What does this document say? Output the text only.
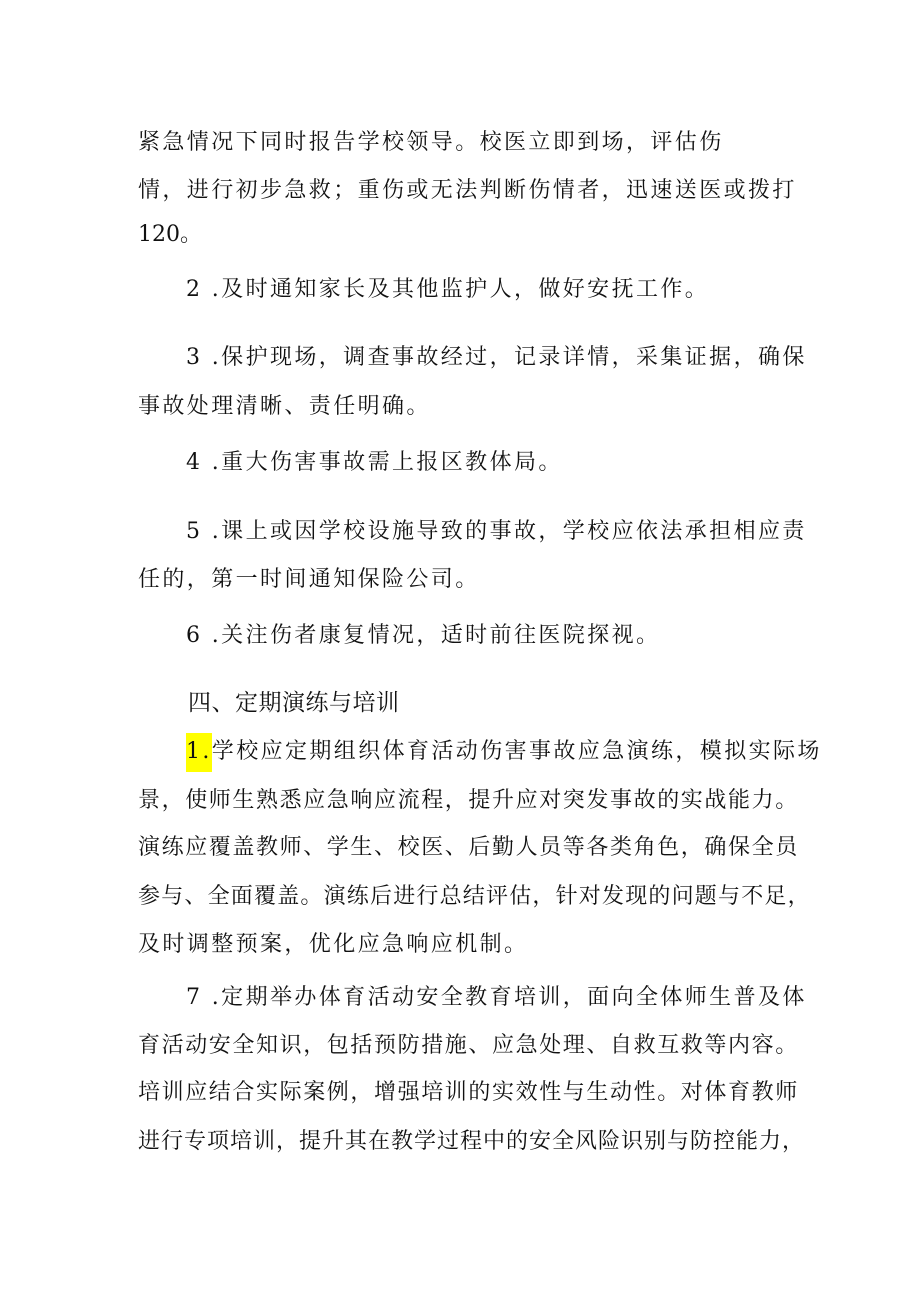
紧急情况下同时报告学校领导。校医立即到场，评估伤
情，进行初步急救；重伤或无法判断伤情者，迅速送医或拨打
120。
2 .及时通知家长及其他监护人，做好安抚工作。
3 .保护现场，调查事故经过，记录详情，采集证据，确保
事故处理清晰、责任明确。
4 .重大伤害事故需上报区教体局。
5 .课上或因学校设施导致的事故，学校应依法承担相应责
任的，第一时间通知保险公司。
6 .关注伤者康复情况，适时前往医院探视。
四、定期演练与培训
1.学校应定期组织体育活动伤害事故应急演练，模拟实际场
景，使师生熟悉应急响应流程，提升应对突发事故的实战能力。
演练应覆盖教师、学生、校医、后勤人员等各类角色，确保全员
参与、全面覆盖。演练后进行总结评估，针对发现的问题与不足，
及时调整预案，优化应急响应机制。
7 .定期举办体育活动安全教育培训，面向全体师生普及体
育活动安全知识，包括预防措施、应急处理、自救互救等内容。
培训应结合实际案例，增强培训的实效性与生动性。对体育教师
进行专项培训，提升其在教学过程中的安全风险识别与防控能力，
